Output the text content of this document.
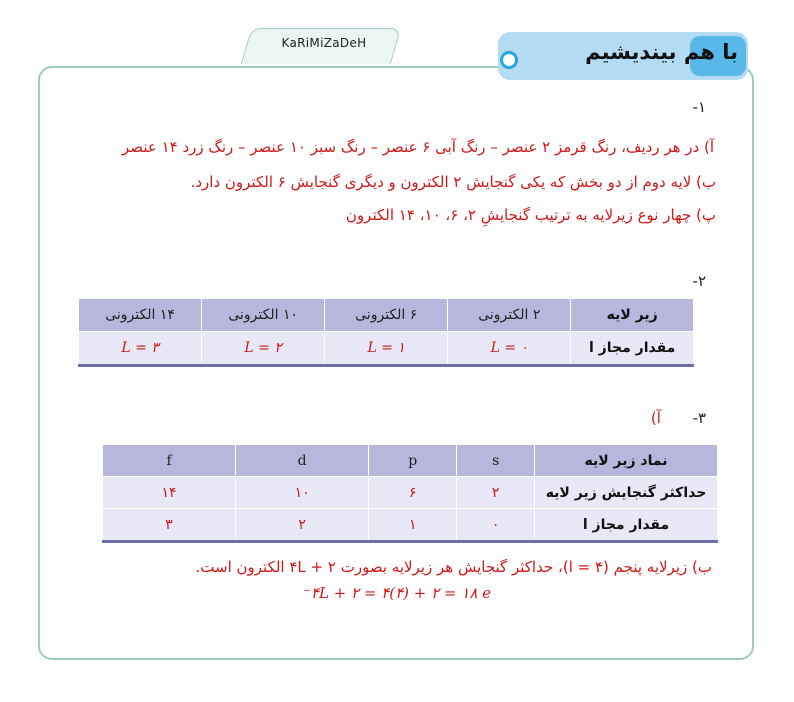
KaRiMiZaDeH	با هم بیندیشیم
۱-
آ) در هر ردیف، رنگ قرمز ۲ عنصر – رنگ آبی ۶ عنصر – رنگ سبز ۱۰ عنصر – رنگ زرد ۱۴ عنصر
ب) لایه دوم از دو بخش که یکی گنجایش ۲ الکترون و دیگری گنجایش ۶ الکترون دارد.
پ) چهار نوع زیرلایه به ترتیب گنجایشِ ۲، ۶، ۱۰، ۱۴ الکترون
۲-
زیر لایه	۲ الکترونی	۶ الکترونی	۱۰ الکترونی	۱۴ الکترونی
مقدار مجاز l	L = ۰	L = ۱	L = ۲	L = ۳
۳-  آ)
نماد زیر لایه	s	p	d	f
حداکثر گنجایش زیر لایه	۲	۶	۱۰	۱۴
مقدار مجاز l	۰	۱	۲	۳
ب) زیرلایه پنجم (l = ۴)، حداکثر گنجایش هر زیرلایه بصورت ۲ + ۴L الکترون است.
۴L + ۲ = ۴(۴) + ۲ = ۱۸ e⁻
